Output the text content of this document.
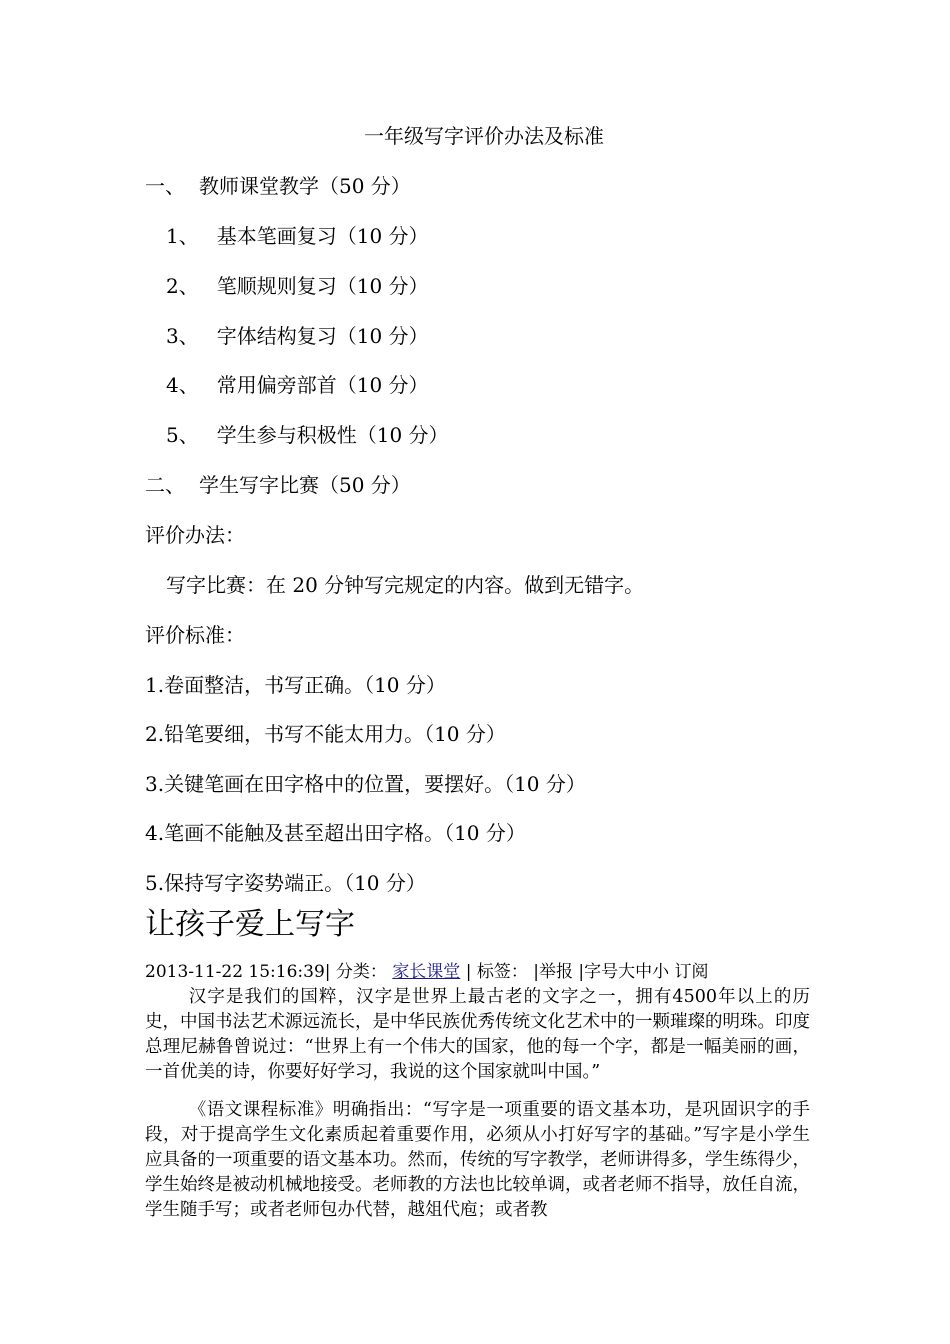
一年级写字评价办法及标准
一、 教师课堂教学（50 分）
1、 基本笔画复习（10 分）
2、 笔顺规则复习（10 分）
3、 字体结构复习（10 分）
4、 常用偏旁部首（10 分）
5、 学生参与积极性（10 分）
二、 学生写字比赛（50 分）
评价办法：
写字比赛：在 20 分钟写完规定的内容。做到无错字。
评价标准：
1.卷面整洁，书写正确。（10 分）
2.铅笔要细，书写不能太用力。（10 分）
3.关键笔画在田字格中的位置，要摆好。（10 分）
4.笔画不能触及甚至超出田字格。（10 分）
5.保持写字姿势端正。（10 分）
让孩子爱上写字
2013-11-22 15:16:39| 分类： 家长课堂 | 标签： |举报 |字号大中小 订阅

汉字是我们的国粹，汉字是世界上最古老的文字之一，拥有4500年以上的历史，中国书法艺术源远流长，是中华民族优秀传统文化艺术中的一颗璀璨的明珠。印度总理尼赫鲁曾说过：“世界上有一个伟大的国家，他的每一个字，都是一幅美丽的画，一首优美的诗，你要好好学习，我说的这个国家就叫中国。”

《语文课程标准》明确指出：“写字是一项重要的语文基本功，是巩固识字的手段，对于提高学生文化素质起着重要作用，必须从小打好写字的基础。”写字是小学生应具备的一项重要的语文基本功。然而，传统的写字教学，老师讲得多，学生练得少，学生始终是被动机械地接受。老师教的方法也比较单调，或者老师不指导，放任自流，学生随手写；或者老师包办代替，越俎代庖；或者教
